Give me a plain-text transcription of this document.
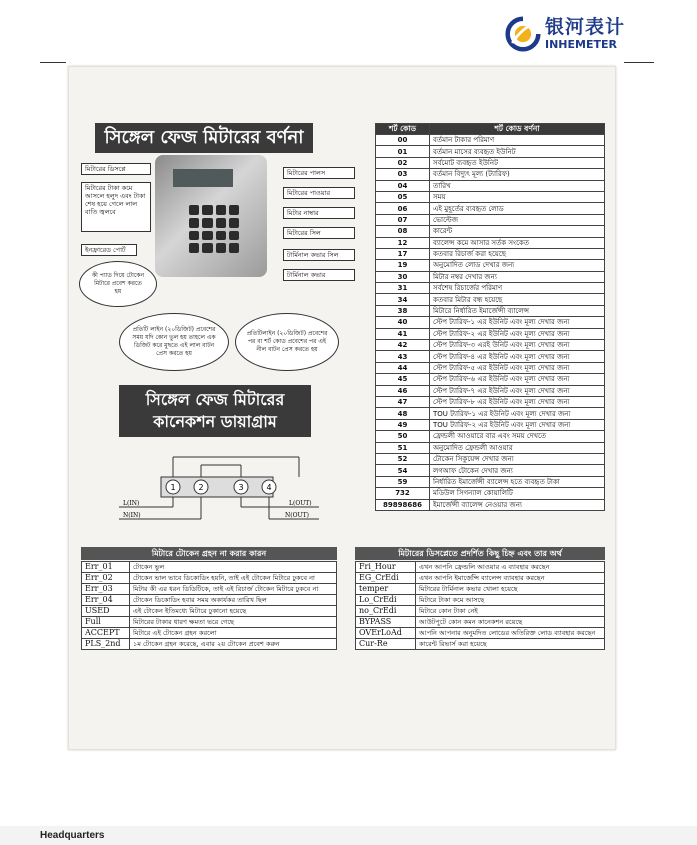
银河表计
INHEMETER
সিঙ্গেল ফেজ মিটারের বর্ণনা
মিটারের ডিসপ্লে
মিটারের টাকা কমে আসলে হলুদ এবং টাকা শেষ হয়ে গেলে লাল বাতি জ্বলবে
ইনফ্রারেড পোর্ট
কী প্যাড দিয়ে টোকেন মিটারে প্রবেশ করতে হয়
মিটারের পালস
মিটারের পাওয়ার
মিটার নাম্বার
মিটারের সিল
টার্মিনাল কভার সিল
টার্মিনাল কভার
প্রতিটি লাইন (২০ডিজিট) প্রবেশের সময় যদি কোন ভুল হয় তাহলে এক ডিজিট করে মুছতে এই লাল বাটন প্রেস করতে হয়
প্রতিটিলাইন (২০ডিজিট) প্রবেশের পর বা শর্ট কোড প্রবেশের পর এই নীল বাটন প্রেস করতে হয়
সিঙ্গেল ফেজ মিটারের
কানেকশন ডায়াগ্রাম
1	2	3	4
L(IN)
N(IN)
L(OUT)
N(OUT)
শর্ট কোড	শর্ট কোড বর্ণনা
00	বর্তমান টাকার পরিমাণ
01	বর্তমান মাসের ব্যবহৃত ইউনিট
02	সর্বমোট ব্যবহৃত ইউনিট
03	বর্তমান বিদ্যুৎ মূল্য (ট্যারিফ)
04	তারিখ
05	সময়
06	এই মুহূর্তের ব্যবহৃত লোড
07	ভোল্টেজ
08	কারেন্ট
12	ব্যালেন্স কমে আসার সর্তক সংকেত
17	কতবার রিচার্জ করা হয়েছে
19	অনুমোদিত লোড দেখার জন্য
30	মিটার নম্বর দেখার জন্য
31	সর্বশেষ রিচার্জের পরিমাণ
34	কতবার মিটার বন্ধ হয়েছে
38	মিটারে নির্ধারিত ইমার্জেন্সী ব্যালেন্স
40	স্টেপ ট্যারিফ-১ এর ইউনিট এবং মূল্য দেখার জন্য
41	স্টেপ ট্যারিফ-২ এর ইউনিট এবং মূল্য দেখার জন্য
42	স্টেপ ট্যারিফ-৩ এরই উনিট এবং মূল্য দেখার জন্য
43	স্টেপ ট্যারিফ-৪ এর ইউনিট এবং মূল্য দেখার জন্য
44	স্টেপ ট্যারিফ-৫ এর ইউনিট এবং মূল্য দেখার জন্য
45	স্টেপ ট্যারিফ-৬ এর ইউনিট এবং মূল্য দেখার জন্য
46	স্টেপ ট্যারিফ-৭ এর ইউনিট এবং মূল্য দেখার জন্য
47	স্টেপ ট্যারিফ-৮ এর ইউনিট এবং মূল্য দেখার জন্য
48	TOU ট্যারিফ-১ এর ইউনিট এবং মূল্য দেখার জন্য
49	TOU ট্যারিফ-২ এর ইউনিট এবং মূল্য দেখার জন্য
50	ফ্রেন্ডলী আওয়ারে বার এবং সময় দেখতে
51	অনুমোদিত ফ্রেন্ডলী আওয়ার
52	টোকেন সিকুয়েন্স দেখার জন্য
54	লগআফ টোকেন দেখার জন্য
59	নির্ধারিত ইমার্জেন্সী ব্যালেন্স হতে ব্যবহৃত টাকা
732	মডিউল সিগন্যাল কোয়ালিটি
89898686	ইমার্জেন্সী ব্যালেন্স নেওয়ার জন্য
মিটারে টোকেন গ্রহন না করার কারন
Err_01	টোকেন ভুল
Err_02	টোকেন ভাল ভাবে ডিকোডিং হয়নি, তাই এই টোকেন মিটারে ঢুকবে না
Err_03	মিটার কী এর ধরন ডিডিটিকে, তাই এই রিচার্জ টোকেন মিটারে ঢুকবে না
Err_04	টোকেন ডিকোডিং হবার সময় অকার্যকর তারিখ ছিল
USED	এই টোকেন ইতিমধ্যে মিটারে ঢুকানো হয়েছে
Full	মিটারের টাকার ধারণ ক্ষমতা ভরে গেছে
ACCEPT	মিটারে এই টোকেন গ্রহন করলো
PLS_2nd	১ম টোকেন গ্রহন করেছে, এবার ২য় টোকেন প্রবেশ করুন
মিটারের ডিসপ্লেতে প্রদর্শিত কিছু চিহ্ন এবং তার অর্থ
Fri_Hour	এখন আপনি ফ্রেন্ডলি আওয়ার এ ব্যাবহার করছেন
EG_CrEdi	এখন আপনি ইমার্জেন্সি ব্যালেন্স ব্যাবহার করছেন
temper	মিটারের টার্মিনাল কভার খোলা হয়েছে
Lo_CrEdi	মিটারে টাকা কমে আসছে
no_CrEdi	মিটারে কোন টাকা নেই
BYPASS	আউটপুটে কোন কমন কানেকশন রয়েছে
OVErLoAd	আপনি আপনার অনুমদিত লোডের অতিরিক্ত লোড ব্যাবহার করছেন
Cur-Re	কারেন্ট রিভার্স করা হয়েছে
Headquarters
